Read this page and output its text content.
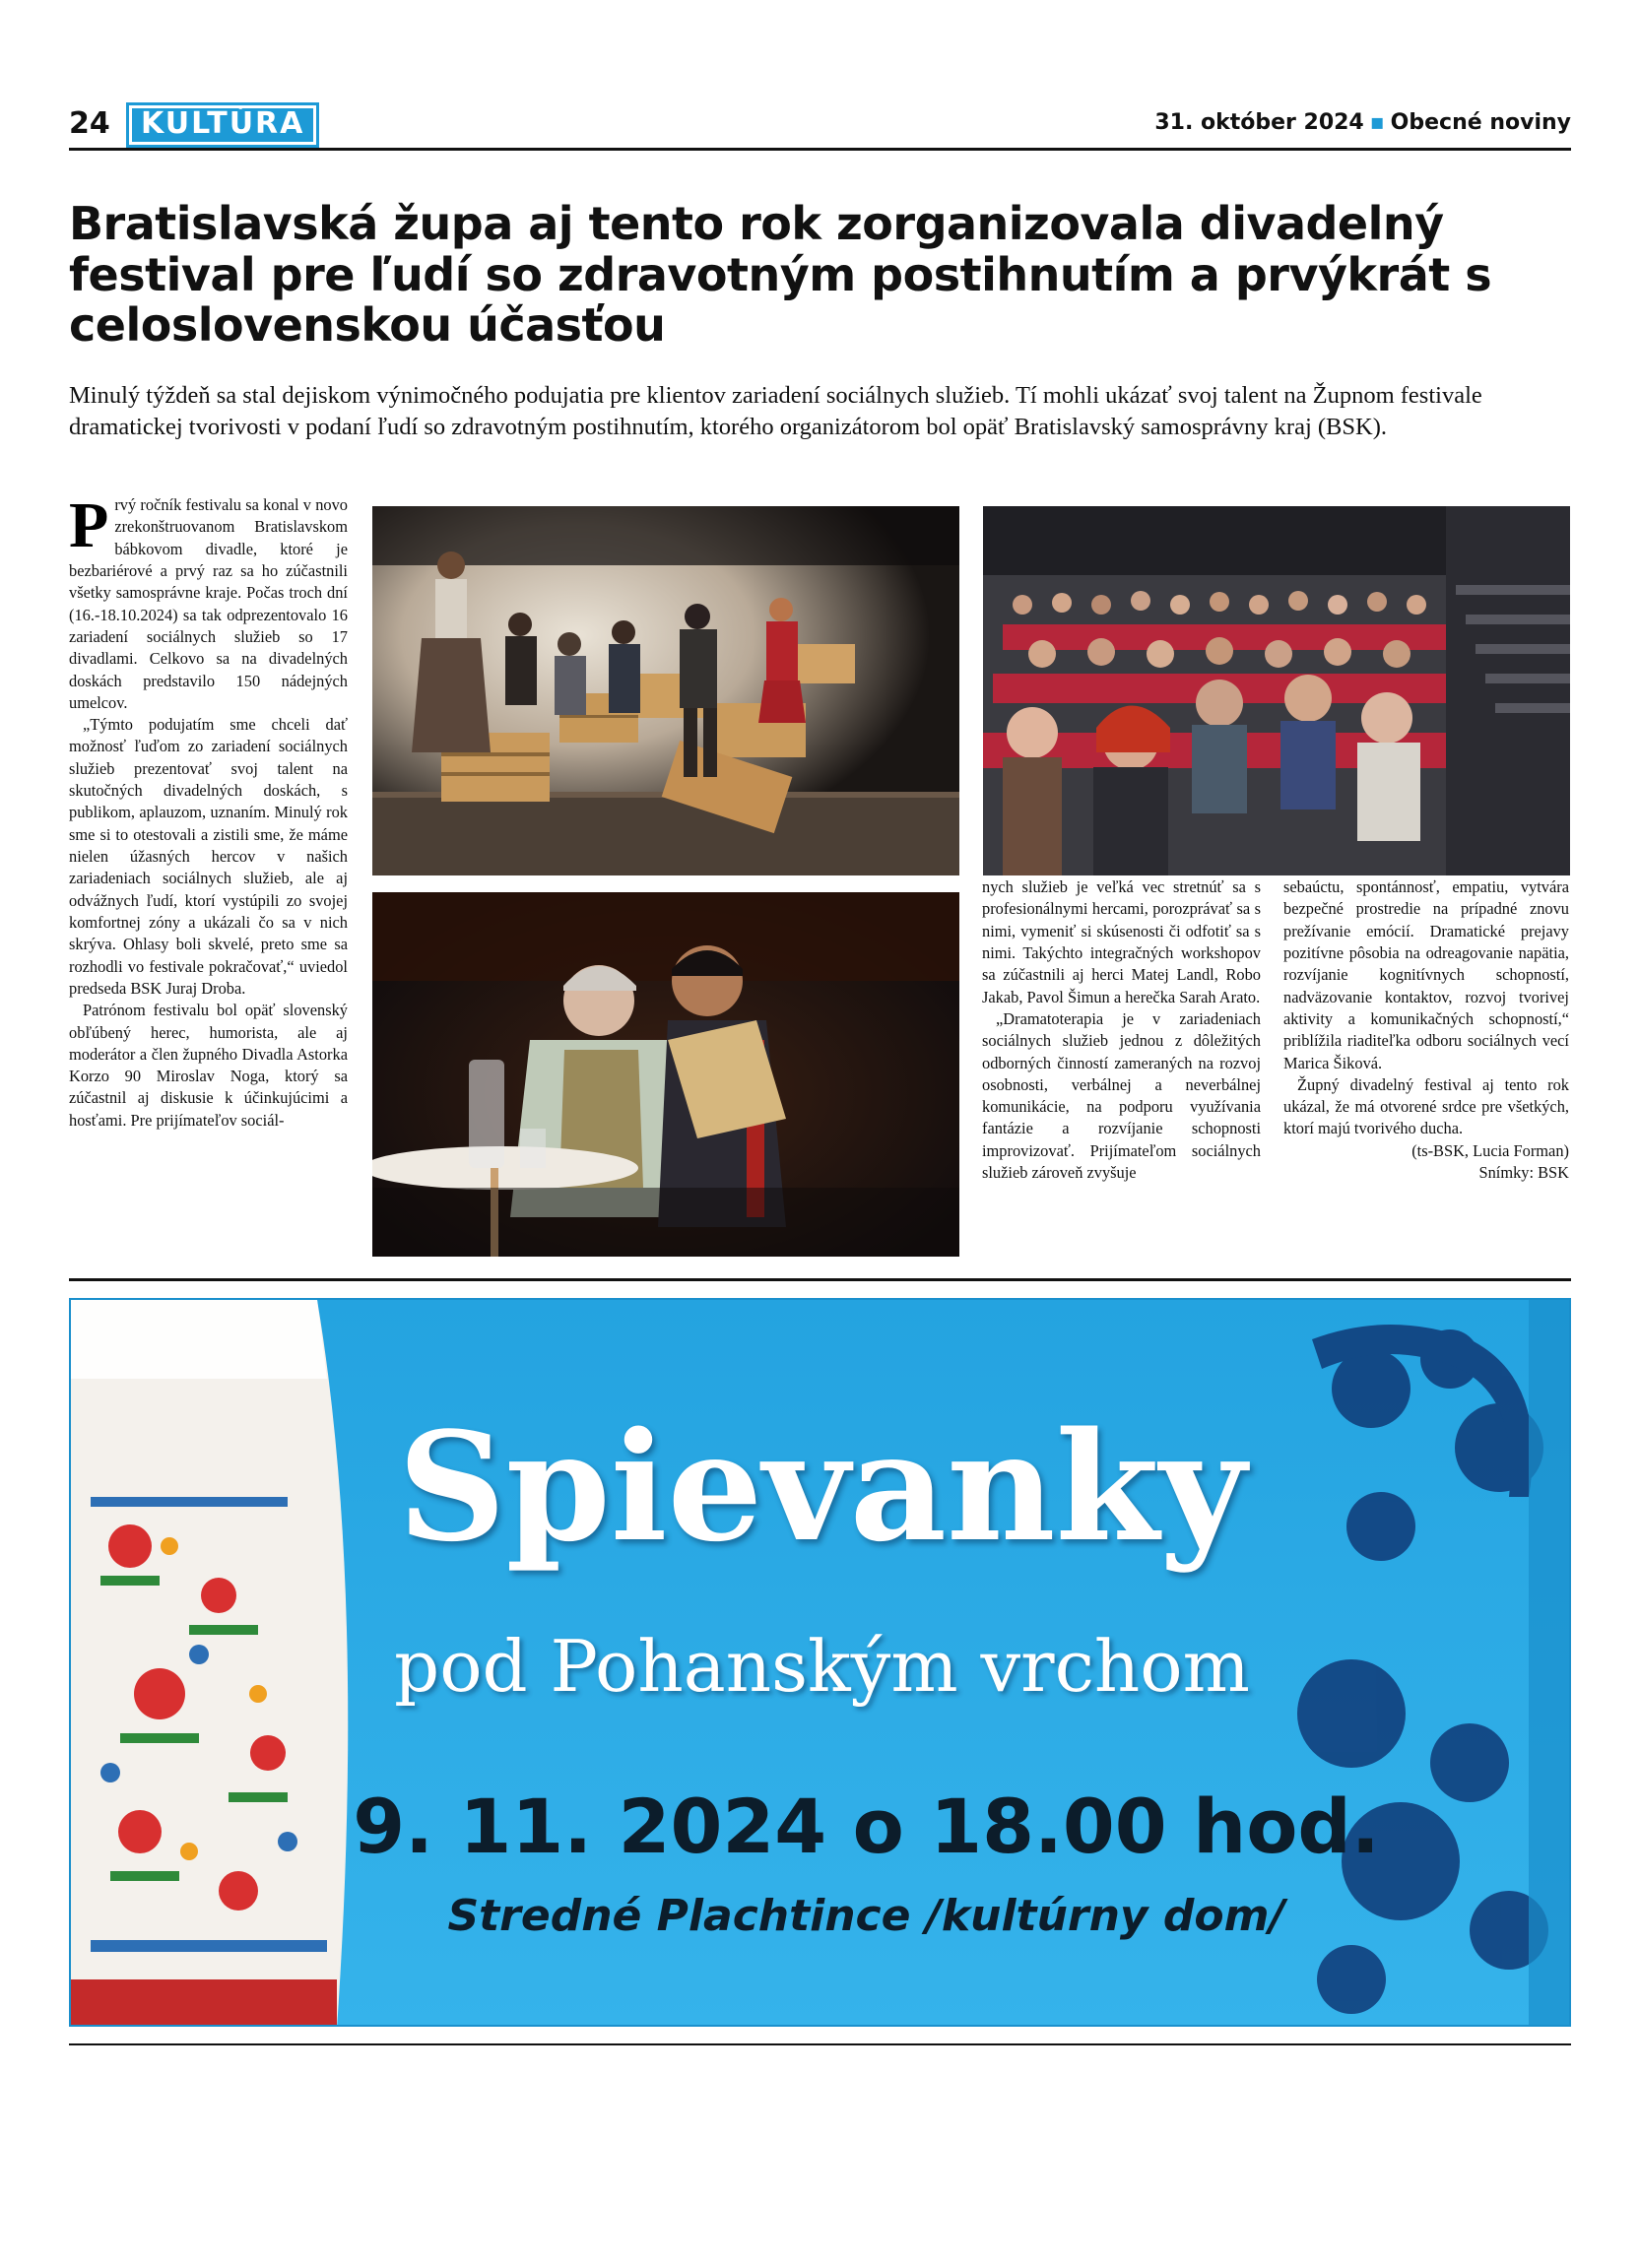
24	KULTÚRA	31. október 2024 ▪ Obecné noviny
Bratislavská župa aj tento rok zorganizovala divadelný festival pre ľudí so zdravotným postihnutím a prvýkrát s celoslovenskou účasťou

Minulý týždeň sa stal dejiskom výnimočného podujatia pre klientov zariadení sociálnych služieb. Tí mohli ukázať svoj talent na Župnom festivale dramatickej tvorivosti v podaní ľudí so zdravotným postihnutím, ktorého organizátorom bol opäť Bratislavský samosprávny kraj (BSK).

Prvý ročník festivalu sa konal v novo zrekonštruovanom Bratislavskom bábkovom divadle, ktoré je bezbariérové a prvý raz sa ho zúčastnili všetky samosprávne kraje. Počas troch dní (16.-18.10.2024) sa tak odprezentovalo 16 zariadení sociálnych služieb so 17 divadlami. Celkovo sa na divadelných doskách predstavilo 150 nádejných umelcov.

„Týmto podujatím sme chceli dať možnosť ľuďom zo zariadení sociálnych služieb prezentovať svoj talent na skutočných divadelných doskách, s publikom, aplauzom, uznaním. Minulý rok sme si to otestovali a zistili sme, že máme nielen úžasných hercov v našich zariadeniach sociálnych služieb, ale aj odvážnych ľudí, ktorí vystúpili zo svojej komfortnej zóny a ukázali čo sa v nich skrýva. Ohlasy boli skvelé, preto sme sa rozhodli vo festivale pokračovať,“ uviedol predseda BSK Juraj Droba.

Patrónom festivalu bol opäť slovenský obľúbený herec, humorista, ale aj moderátor a člen župného Divadla Astorka Korzo 90 Miroslav Noga, ktorý sa zúčastnil aj diskusie k účinkujúcimi a hosťami. Pre prijímateľov sociál-

nych služieb je veľká vec stretnúť sa s profesionálnymi hercami, porozprávať sa s nimi, vymeniť si skúsenosti či odfotiť sa s nimi. Takýchto integračných workshopov sa zúčastnili aj herci Matej Landl, Robo Jakab, Pavol Šimun a herečka Sarah Arato.

„Dramatoterapia je v zariadeniach sociálnych služieb jednou z dôležitých odborných činností zameraných na rozvoj osobnosti, verbálnej a neverbálnej komunikácie, na podporu využívania fantázie a rozvíjanie schopnosti improvizovať. Prijímateľom sociálnych služieb zároveň zvyšuje

sebaúctu, spontánnosť, empatiu, vytvára bezpečné prostredie na prípadné znovu prežívanie emócií. Dramatické prejavy pozitívne pôsobia na odreagovanie napätia, rozvíjanie kognitívnych schopností, nadväzovanie kontaktov, rozvoj tvorivej aktivity a komunikačných schopností,“ priblížila riaditeľka odboru sociálnych vecí Marica Šiková.

Župný divadelný festival aj tento rok ukázal, že má otvorené srdce pre všetkých, ktorí majú tvorivého ducha.

(ts-BSK, Lucia Forman)

Snímky: BSK

Spievanky

pod Pohanským vrchom

9. 11. 2024 o 18.00 hod.

Stredné Plachtince /kultúrny dom/
